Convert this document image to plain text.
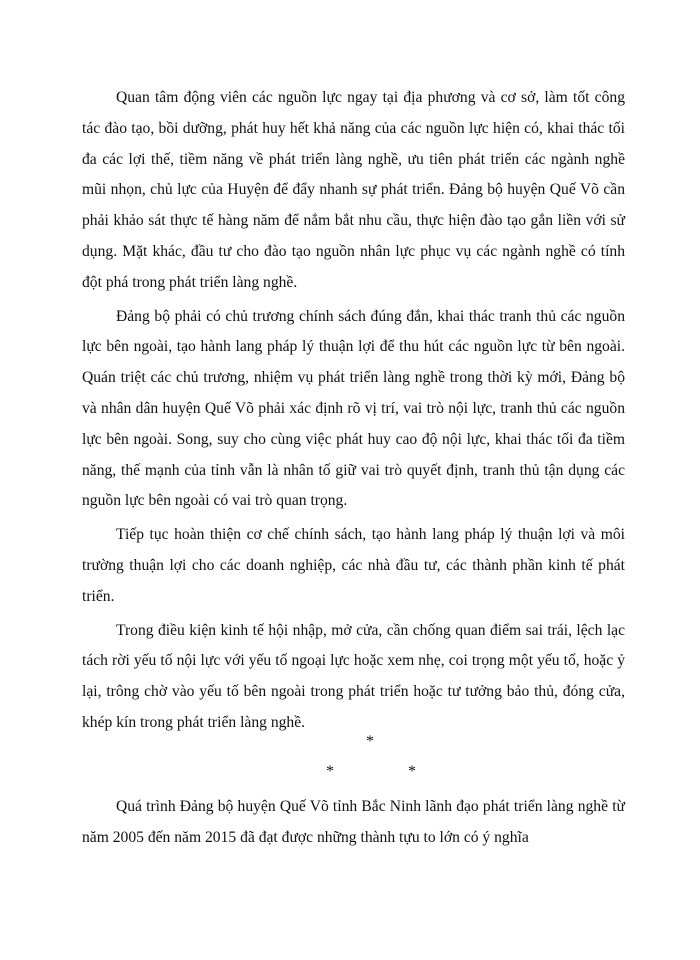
Quan tâm động viên các nguồn lực ngay tại địa phương và cơ sở, làm tốt công tác đào tạo, bồi dưỡng, phát huy hết khả năng của các nguồn lực hiện có, khai thác tối đa các lợi thế, tiềm năng về phát triển làng nghề, ưu tiên phát triển các ngành nghề mũi nhọn, chủ lực của Huyện để đẩy nhanh sự phát triển. Đảng bộ huyện Quế Võ cần phải khảo sát thực tế hàng năm để nắm bắt nhu cầu, thực hiện đào tạo gắn liền với sử dụng. Mặt khác, đầu tư cho đào tạo nguồn nhân lực phục vụ các ngành nghề có tính đột phá trong phát triển làng nghề.

Đảng bộ phải có chủ trương chính sách đúng đắn, khai thác tranh thủ các nguồn lực bên ngoài, tạo hành lang pháp lý thuận lợi để thu hút các nguồn lực từ bên ngoài. Quán triệt các chủ trương, nhiệm vụ phát triển làng nghề trong thời kỳ mới, Đảng bộ và nhân dân huyện Quế Võ phải xác định rõ vị trí, vai trò nội lực, tranh thủ các nguồn lực bên ngoài. Song, suy cho cùng việc phát huy cao độ nội lực, khai thác tối đa tiềm năng, thế mạnh của tỉnh vẫn là nhân tố giữ vai trò quyết định, tranh thủ tận dụng các nguồn lực bên ngoài có vai trò quan trọng.

Tiếp tục hoàn thiện cơ chế chính sách, tạo hành lang pháp lý thuận lợi và môi trường thuận lợi cho các doanh nghiệp, các nhà đầu tư, các thành phần kinh tế phát triển.

Trong điều kiện kinh tế hội nhập, mở cửa, cần chống quan điểm sai trái, lệch lạc tách rời yếu tố nội lực với yếu tố ngoại lực hoặc xem nhẹ, coi trọng một yếu tố, hoặc ỷ lại, trông chờ vào yếu tố bên ngoài trong phát triển hoặc tư tưởng bảo thủ, đóng cửa, khép kín trong phát triển làng nghề.

*
*	*

Quá trình Đảng bộ huyện Quế Võ tỉnh Bắc Ninh lãnh đạo phát triển làng nghề từ năm 2005 đến năm 2015 đã đạt được những thành tựu to lớn có ý nghĩa
